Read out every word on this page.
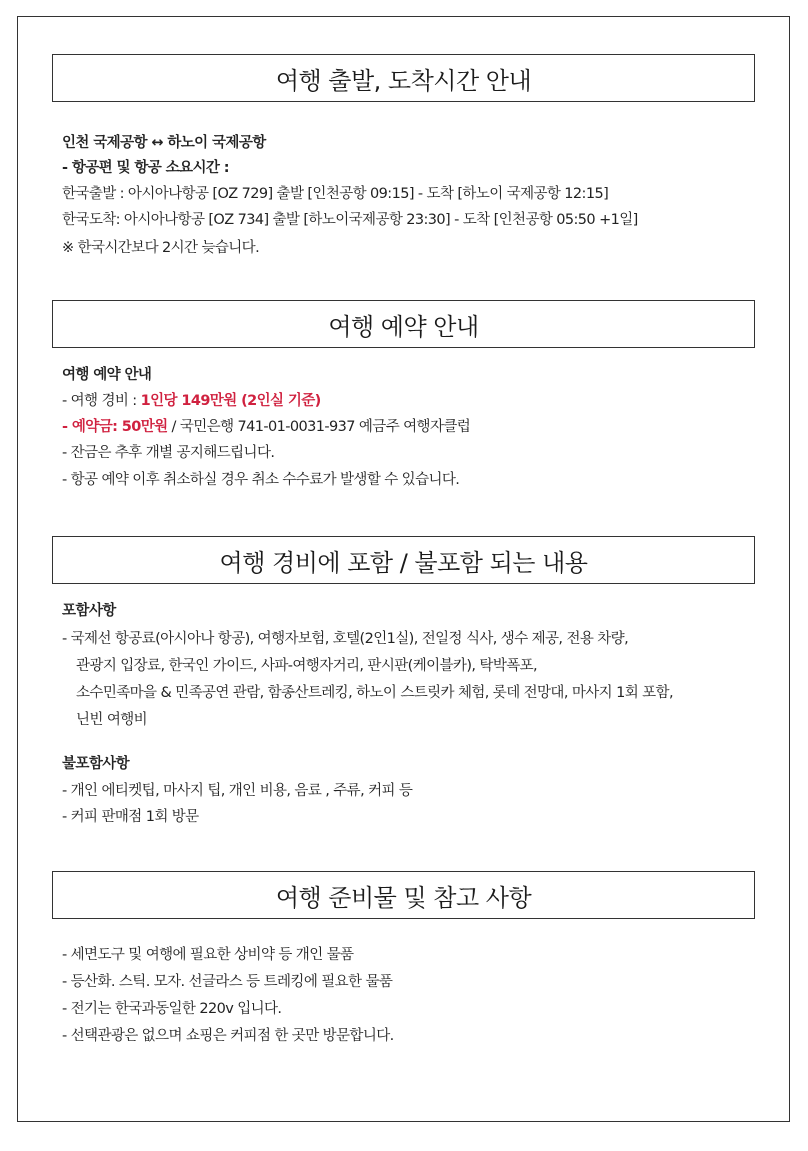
여행 출발, 도착시간 안내
인천 국제공항 ↔ 하노이 국제공항
- 항공편 및 항공 소요시간 :
한국출발 : 아시아나항공 [OZ 729] 출발 [인천공항 09:15] - 도착 [하노이 국제공항 12:15]
한국도착: 아시아나항공 [OZ 734] 출발 [하노이국제공항 23:30] - 도착 [인천공항 05:50 +1일]
※ 한국시간보다 2시간 늦습니다.
여행 예약 안내
여행 예약 안내
- 여행 경비 : 1인당 149만원 (2인실 기준)
- 예약금: 50만원 / 국민은행 741-01-0031-937 예금주 여행자클럽
- 잔금은 추후 개별 공지해드립니다.
- 항공 예약 이후 취소하실 경우 취소 수수료가 발생할 수 있습니다.
여행 경비에 포함 / 불포함 되는 내용
포함사항
- 국제선 항공료(아시아나 항공), 여행자보험, 호텔(2인1실), 전일정 식사, 생수 제공, 전용 차량,
관광지 입장료, 한국인 가이드, 사파-여행자거리, 판시판(케이블카), 탁박폭포,
소수민족마을 & 민족공연 관람, 함종산트레킹, 하노이 스트릿카 체험, 롯데 전망대, 마사지 1회 포함,
닌빈 여행비
불포함사항
- 개인 에티켓팁, 마사지 팁, 개인 비용, 음료 , 주류, 커피 등
- 커피 판매점 1회 방문
여행 준비물 및 참고 사항
- 세면도구 및 여행에 필요한 상비약 등 개인 물품
- 등산화. 스틱. 모자. 선글라스 등 트레킹에 필요한 물품
- 전기는 한국과동일한 220v 입니다.
- 선택관광은 없으며 쇼핑은 커피점 한 곳만 방문합니다.
